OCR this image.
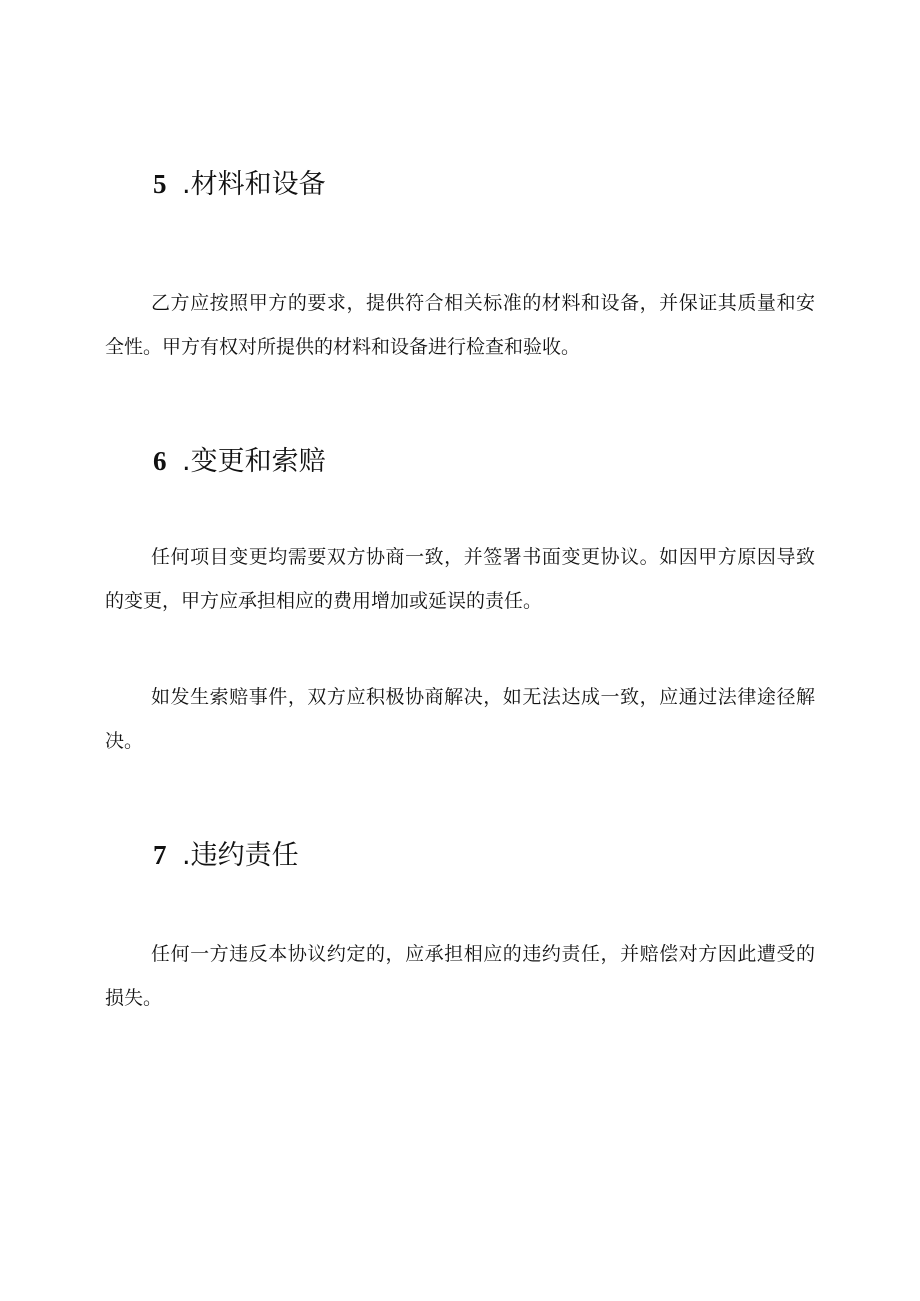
5 .材料和设备

乙方应按照甲方的要求，提供符合相关标准的材料和设备，并保证其质量和安全性。甲方有权对所提供的材料和设备进行检查和验收。

6 .变更和索赔

任何项目变更均需要双方协商一致，并签署书面变更协议。如因甲方原因导致的变更，甲方应承担相应的费用增加或延误的责任。

如发生索赔事件，双方应积极协商解决，如无法达成一致，应通过法律途径解决。

7 .违约责任

任何一方违反本协议约定的，应承担相应的违约责任，并赔偿对方因此遭受的损失。
